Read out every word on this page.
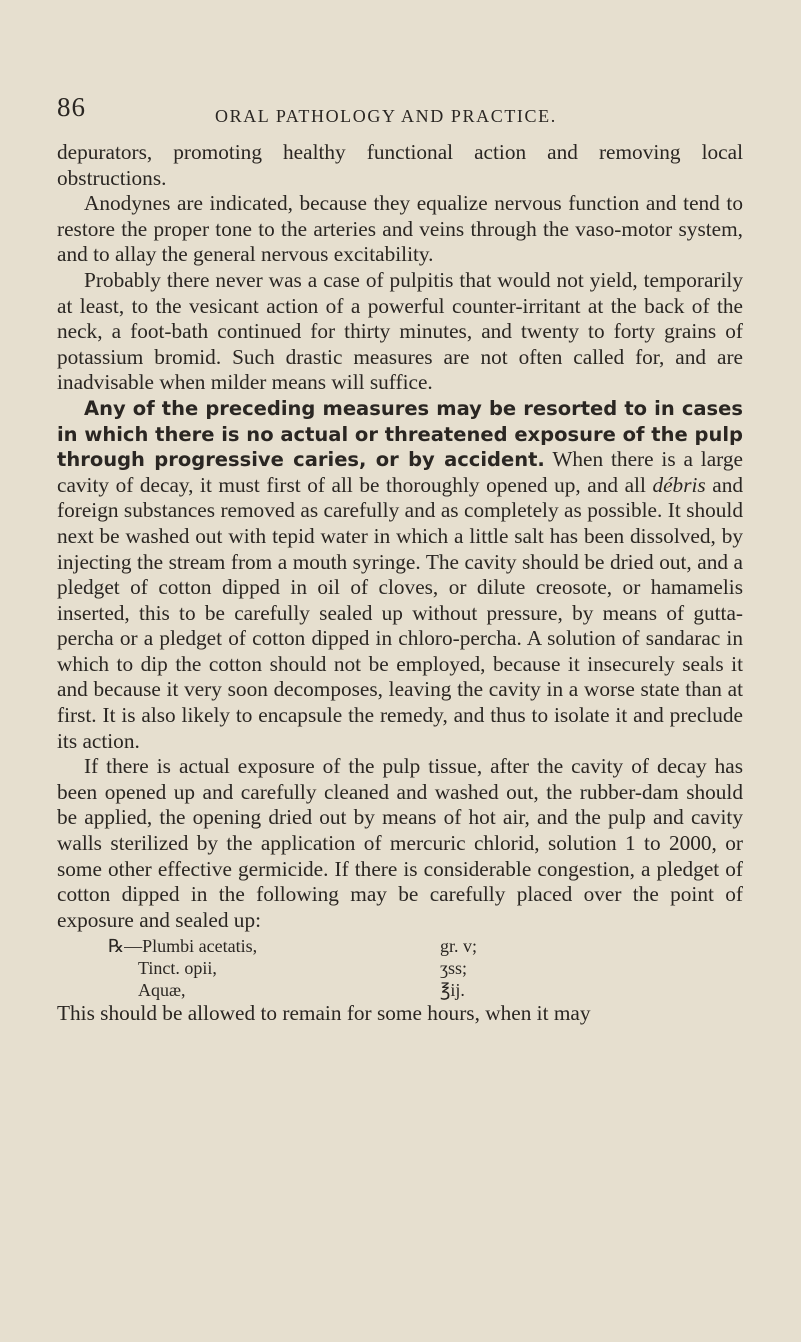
86	ORAL PATHOLOGY AND PRACTICE.

depurators, promoting healthy functional action and removing local obstructions.

Anodynes are indicated, because they equalize nervous function and tend to restore the proper tone to the arteries and veins through the vaso-motor system, and to allay the general nervous excitability.

Probably there never was a case of pulpitis that would not yield, temporarily at least, to the vesicant action of a powerful counter-irritant at the back of the neck, a foot-bath continued for thirty minutes, and twenty to forty grains of potassium bromid. Such drastic measures are not often called for, and are inadvisable when milder means will suffice.

Any of the preceding measures may be resorted to in cases in which there is no actual or threatened exposure of the pulp through progressive caries, or by accident. When there is a large cavity of decay, it must first of all be thoroughly opened up, and all débris and foreign substances removed as carefully and as completely as possible. It should next be washed out with tepid water in which a little salt has been dissolved, by injecting the stream from a mouth syringe. The cavity should be dried out, and a pledget of cotton dipped in oil of cloves, or dilute creosote, or hamamelis inserted, this to be carefully sealed up without pressure, by means of gutta-percha or a pledget of cotton dipped in chloro-percha. A solution of sandarac in which to dip the cotton should not be employed, because it insecurely seals it and because it very soon decomposes, leaving the cavity in a worse state than at first. It is also likely to encapsule the remedy, and thus to isolate it and preclude its action.

If there is actual exposure of the pulp tissue, after the cavity of decay has been opened up and carefully cleaned and washed out, the rubber-dam should be applied, the opening dried out by means of hot air, and the pulp and cavity walls sterilized by the application of mercuric chlorid, solution 1 to 2000, or some other effective germicide. If there is considerable congestion, a pledget of cotton dipped in the following may be carefully placed over the point of exposure and sealed up:

℞—Plumbi acetatis,	gr. v;
Tinct. opii,	ʒss;
Aquæ,	℥ij.

This should be allowed to remain for some hours, when it may
